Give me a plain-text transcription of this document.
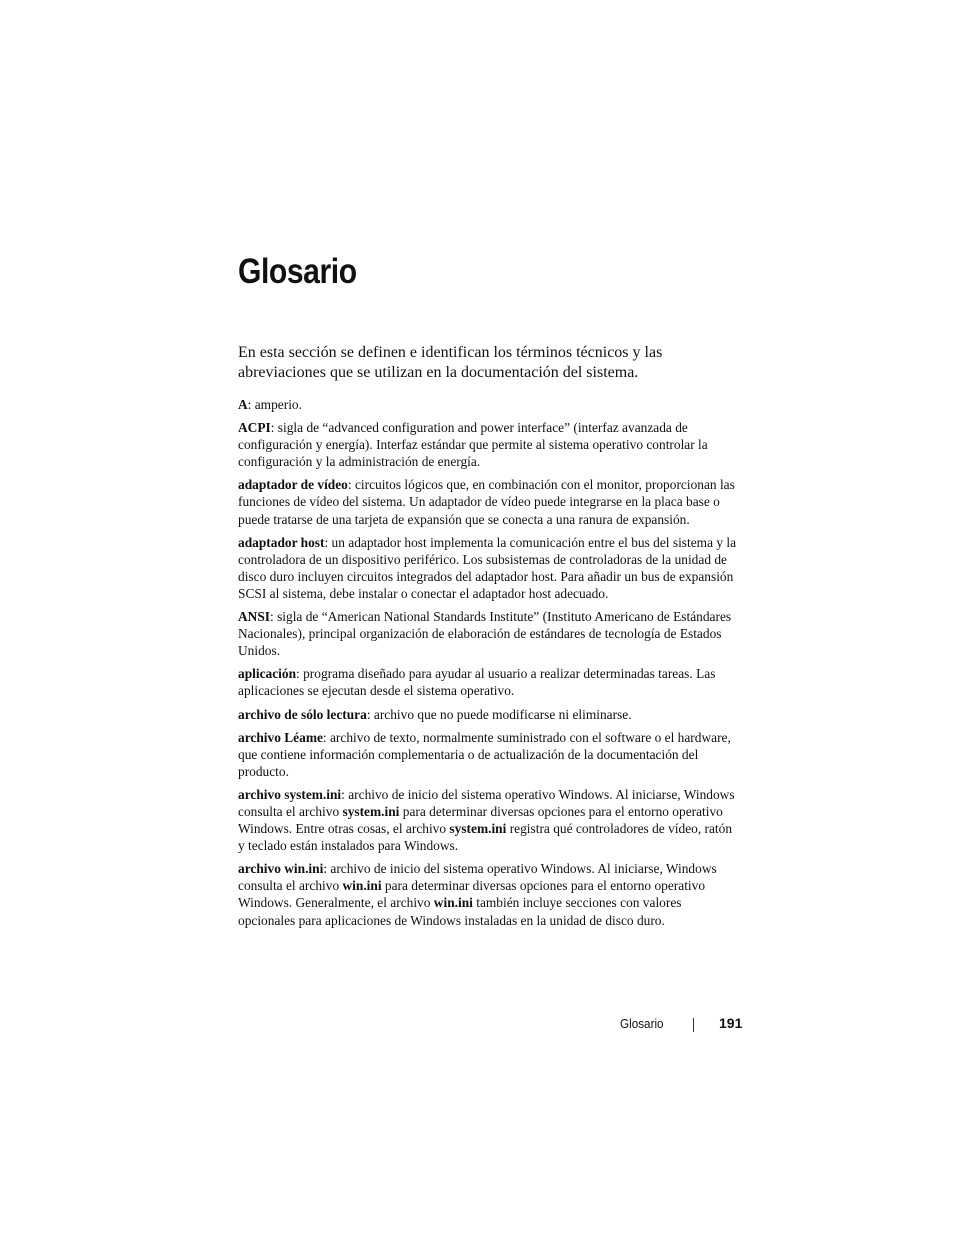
Glosario

En esta sección se definen e identifican los términos técnicos y las abreviaciones que se utilizan en la documentación del sistema.

A: amperio.

ACPI: sigla de “advanced configuration and power interface” (interfaz avanzada de configuración y energía). Interfaz estándar que permite al sistema operativo controlar la configuración y la administración de energía.

adaptador de vídeo: circuitos lógicos que, en combinación con el monitor, proporcionan las funciones de vídeo del sistema. Un adaptador de vídeo puede integrarse en la placa base o puede tratarse de una tarjeta de expansión que se conecta a una ranura de expansión.

adaptador host: un adaptador host implementa la comunicación entre el bus del sistema y la controladora de un dispositivo periférico. Los subsistemas de controladoras de la unidad de disco duro incluyen circuitos integrados del adaptador host. Para añadir un bus de expansión SCSI al sistema, debe instalar o conectar el adaptador host adecuado.

ANSI: sigla de “American National Standards Institute” (Instituto Americano de Estándares Nacionales), principal organización de elaboración de estándares de tecnología de Estados Unidos.

aplicación: programa diseñado para ayudar al usuario a realizar determinadas tareas. Las aplicaciones se ejecutan desde el sistema operativo.

archivo de sólo lectura: archivo que no puede modificarse ni eliminarse.

archivo Léame: archivo de texto, normalmente suministrado con el software o el hardware, que contiene información complementaria o de actualización de la documentación del producto.

archivo system.ini: archivo de inicio del sistema operativo Windows. Al iniciarse, Windows consulta el archivo system.ini para determinar diversas opciones para el entorno operativo Windows. Entre otras cosas, el archivo system.ini registra qué controladores de vídeo, ratón y teclado están instalados para Windows.

archivo win.ini: archivo de inicio del sistema operativo Windows. Al iniciarse, Windows consulta el archivo win.ini para determinar diversas opciones para el entorno operativo Windows. Generalmente, el archivo win.ini también incluye secciones con valores opcionales para aplicaciones de Windows instaladas en la unidad de disco duro.

Glosario	191
